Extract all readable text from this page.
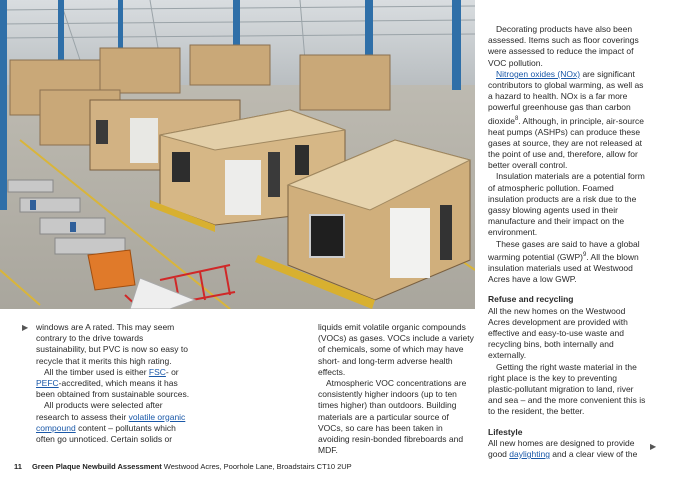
windows are A rated. This may seem contrary to the drive towards sustainability, but PVC is now so easy to recycle that it merits this high rating.

All the timber used is either FSC- or PEFC-accredited, which means it has been obtained from sustainable sources.

All products were selected after research to assess their volatile organic compound content – pollutants which often go unnoticed. Certain solids or

▶	liquids emit volatile organic compounds (VOCs) as gases. VOCs include a variety of chemicals, some of which may have short- and long-term adverse health effects.

Atmospheric VOC concentrations are consistently higher indoors (up to ten times higher) than outdoors. Building materials are a particular source of VOCs, so care has been taken in avoiding resin-bonded fibreboards and MDF.

Decorating products have also been assessed. Items such as floor coverings were assessed to reduce the impact of VOC pollution.

Nitrogen oxides (NOx) are significant contributors to global warming, as well as a hazard to health. NOx is a far more powerful greenhouse gas than carbon dioxide$^8$. Although, in principle, air-source heat pumps (ASHPs) can produce these gases at source, they are not released at the point of use and, therefore, allow for better overall control.

Insulation materials are a potential form of atmospheric pollution. Foamed insulation products are a risk due to the gassy blowing agents used in their manufacture and their impact on the environment.

These gases are said to have a global warming potential (GWP)$^9$. All the blown insulation materials used at Westwood Acres have a low GWP.

Refuse and recycling

All the new homes on the Westwood Acres development are provided with effective and easy-to-use waste and recycling bins, both internally and externally.

Getting the right waste material in the right place is the key to preventing plastic-pollutant migration to land, river and sea – and the more convenient this is to the resident, the better.

Lifestyle

All new homes are designed to provide good daylighting and a clear view of the

▶
11 Green Plaque Newbuild Assessment Westwood Acres, Poorhole Lane, Broadstairs CT10 2UP
